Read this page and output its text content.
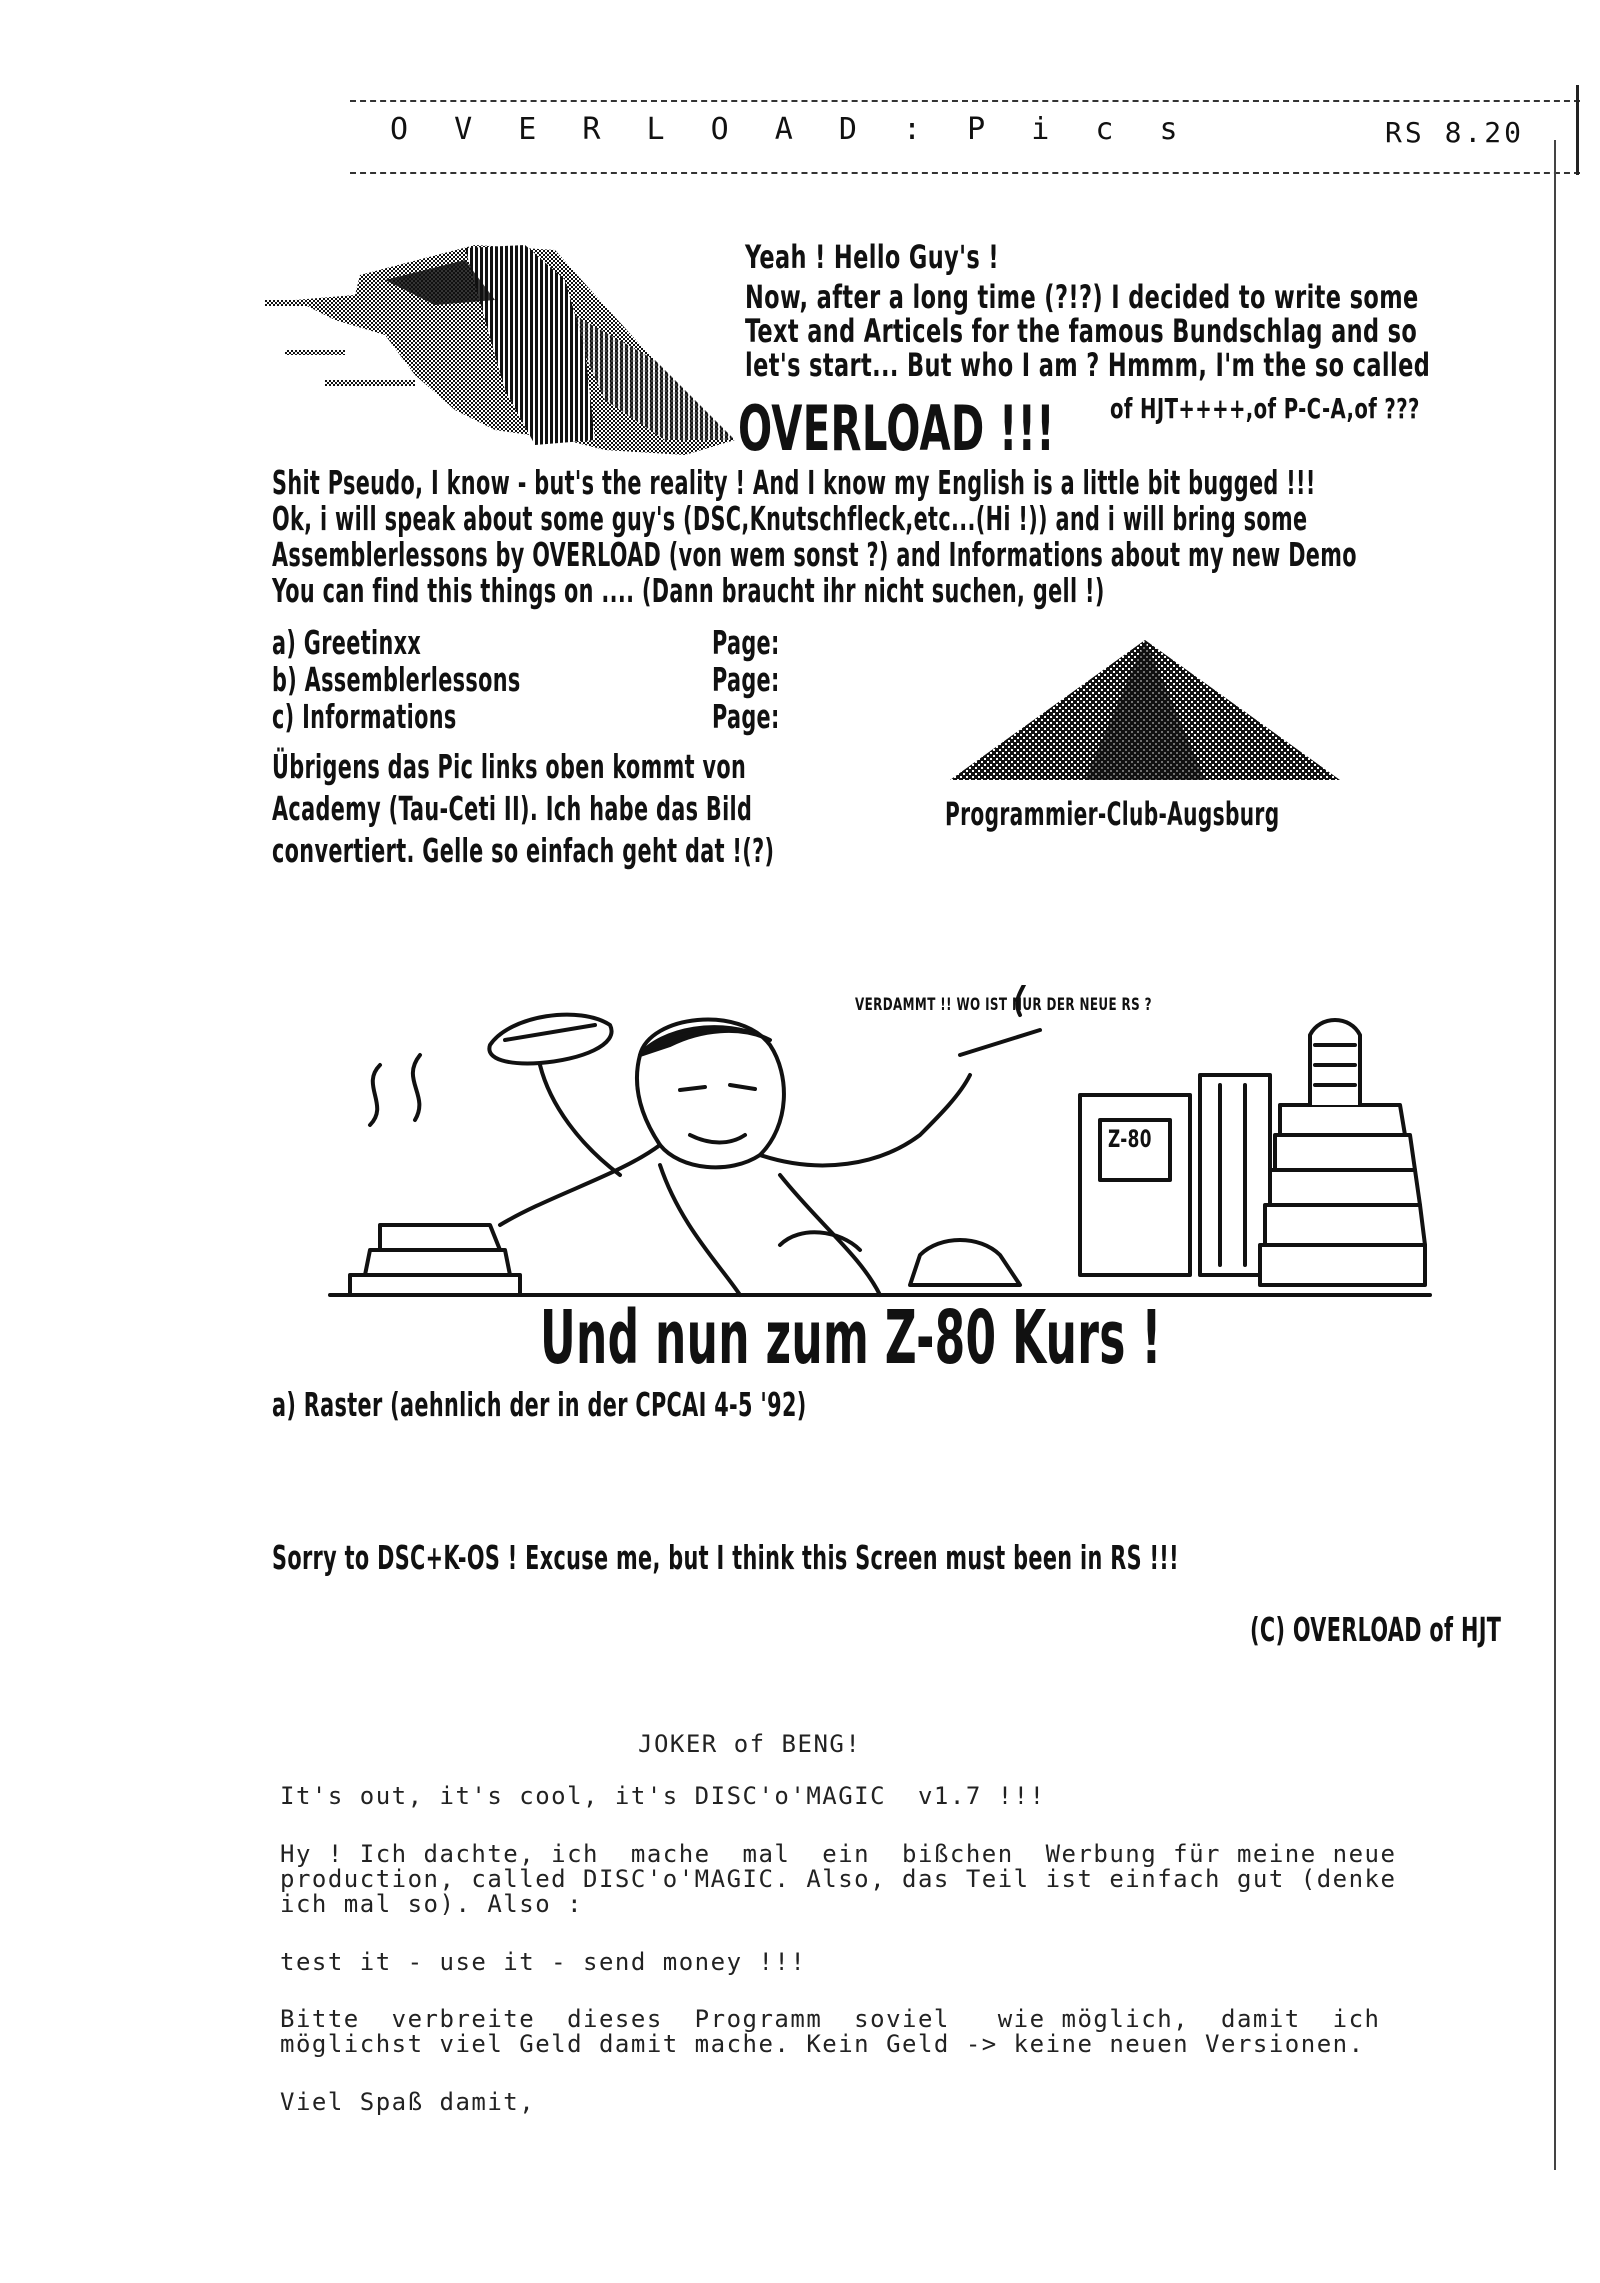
O V E R L O A D : P i c s	RS 8.20
Yeah ! Hello Guy's !
Now, after a long time (?!?) I decided to write some
Text and Articels for the famous Bundschlag and so
let's start... But who I am ? Hmmm, I'm the so called
OVERLOAD !!! of HJT++++,of P-C-A,of ???
Shit Pseudo, I know - but's the reality ! And I know my English is a little bit bugged !!!
Ok, i will speak about some guy's (DSC,Knutschfleck,etc...(Hi !)) and i will bring some
Assemblerlessons by OVERLOAD (von wem sonst ?) and Informations about my new Demo
You can find this things on .... (Dann braucht ihr nicht suchen, gell !)
a) Greetinxx	Page:
b) Assemblerlessons	Page:
c) Informations	Page:
Übrigens das Pic links oben kommt von
Academy (Tau-Ceti II). Ich habe das Bild
convertiert. Gelle so einfach geht dat !(?)
Programmier-Club-Augsburg
VERDAMMT !! WO IST NUR DER NEUE RS ?
Z-80
Und nun zum Z-80 Kurs !
a) Raster (aehnlich der in der CPCAI 4-5 '92)
Sorry to DSC+K-OS ! Excuse me, but I think this Screen must been in RS !!!
(C) OVERLOAD of HJT
JOKER of BENG!
It's out, it's cool, it's DISC'o'MAGIC  v1.7 !!!
Hy ! Ich dachte, ich  mache  mal  ein  bißchen  Werbung für meine neue
production, called DISC'o'MAGIC. Also, das Teil ist einfach gut (denke
ich mal so). Also :
test it - use it - send money !!!
Bitte  verbreite  dieses  Programm  soviel   wie möglich,  damit  ich
möglichst viel Geld damit mache. Kein Geld -> keine neuen Versionen.
Viel Spaß damit,
